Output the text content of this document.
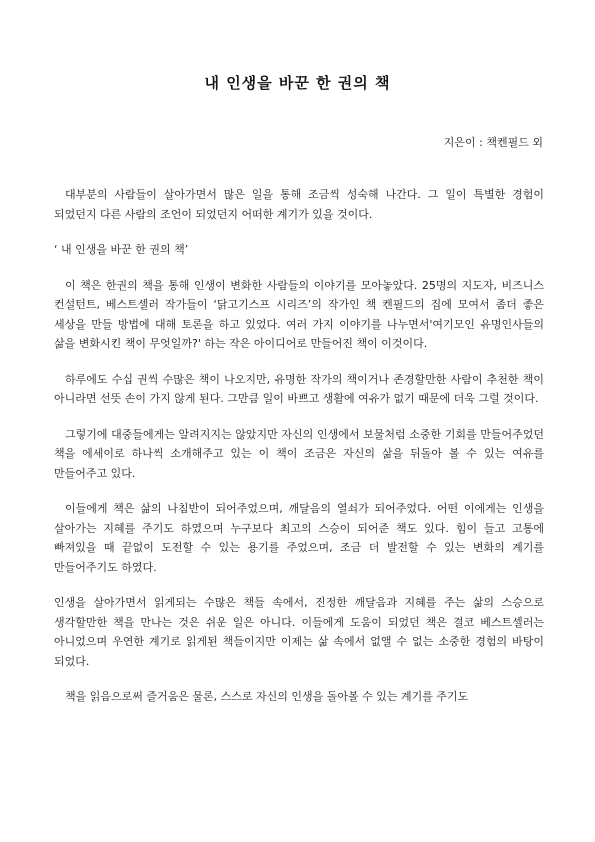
내 인생을 바꾼 한 권의 책
지은이 : 책켄필드 외

대부분의 사람들이 살아가면서 많은 일을 통해 조금씩 성숙해 나간다. 그 일이 특별한 경험이 되었던지 다른 사람의 조언이 되었던지 어떠한 계기가 있을 것이다.

‘ 내 인생을 바꾼 한 권의 책’

이 책은 한권의 책을 통해 인생이 변화한 사람들의 이야기를 모아놓았다. 25명의 지도자, 비즈니스 컨설턴트, 베스트셀러 작가들이 ‘닭고기스프 시리즈’의 작가인 책 켄필드의 집에 모여서 좀더 좋은 세상을 만들 방법에 대해 토론을 하고 있었다. 여러 가지 이야기를 나누면서'여기모인 유명인사들의 삶을 변화시킨 책이 무엇일까?' 하는 작은 아이디어로 만들어진 책이 이것이다.

하루에도 수십 권씩 수많은 책이 나오지만, 유명한 작가의 책이거나 존경할만한 사람이 추천한 책이 아니라면 선뜻 손이 가지 않게 된다. 그만큼 일이 바쁘고 생활에 여유가 없기 때문에 더욱 그럴 것이다.

그렇기에 대중들에게는 알려지지는 않았지만 자신의 인생에서 보물처럼 소중한 기회를 만들어주었던 책을 에세이로 하나씩 소개해주고 있는 이 책이 조금은 자신의 삶을 뒤돌아 볼 수 있는 여유를 만들어주고 있다.

이들에게 책은 삶의 나침반이 되어주었으며, 깨달음의 열쇠가 되어주었다. 어떤 이에게는 인생을 살아가는 지혜를 주기도 하였으며 누구보다 최고의 스승이 되어준 책도 있다. 힘이 들고 고통에 빠져있을 때 끝없이 도전할 수 있는 용기를 주었으며, 조금 더 발전할 수 있는 변화의 계기를 만들어주기도 하였다.

인생을 살아가면서 읽게되는 수많은 책들 속에서, 진정한 깨달음과 지혜를 주는 삶의 스승으로 생각할만한 책을 만나는 것은 쉬운 일은 아니다. 이들에게 도움이 되었던 책은 결코 베스트셀러는 아니었으며 우연한 계기로 읽게된 책들이지만 이제는 삶 속에서 없앨 수 없는 소중한 경험의 바탕이 되었다.

책을 읽음으로써 즐거움은 물론, 스스로 자신의 인생을 돌아볼 수 있는 계기를 주기도
